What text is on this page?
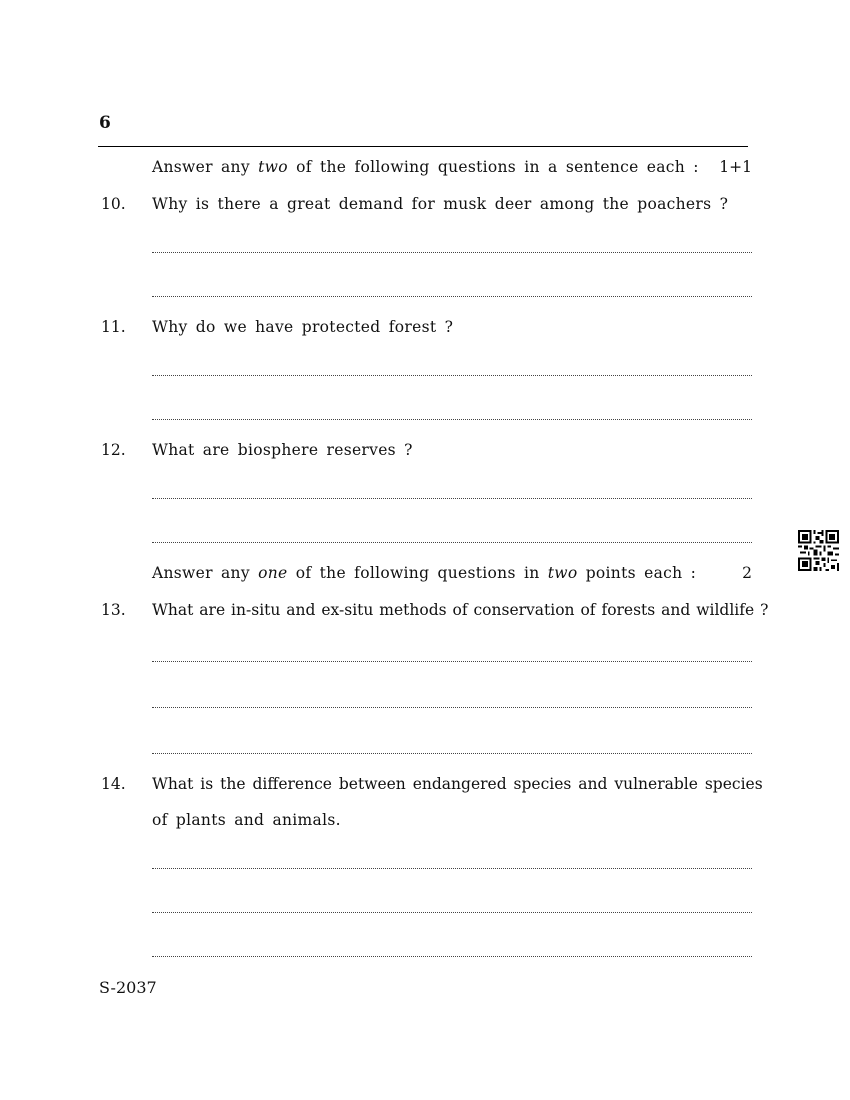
6
Answer any two of the following questions in a sentence each : 1+1
10. Why is there a great demand for musk deer among the poachers ?
11. Why do we have protected forest ?
12. What are biosphere reserves ?
Answer any one of the following questions in two points each :	2
13. What are in-situ and ex-situ methods of conservation of forests and wildlife ?
14. What is the difference between endangered species and vulnerable species
of plants and animals.
S-2037
